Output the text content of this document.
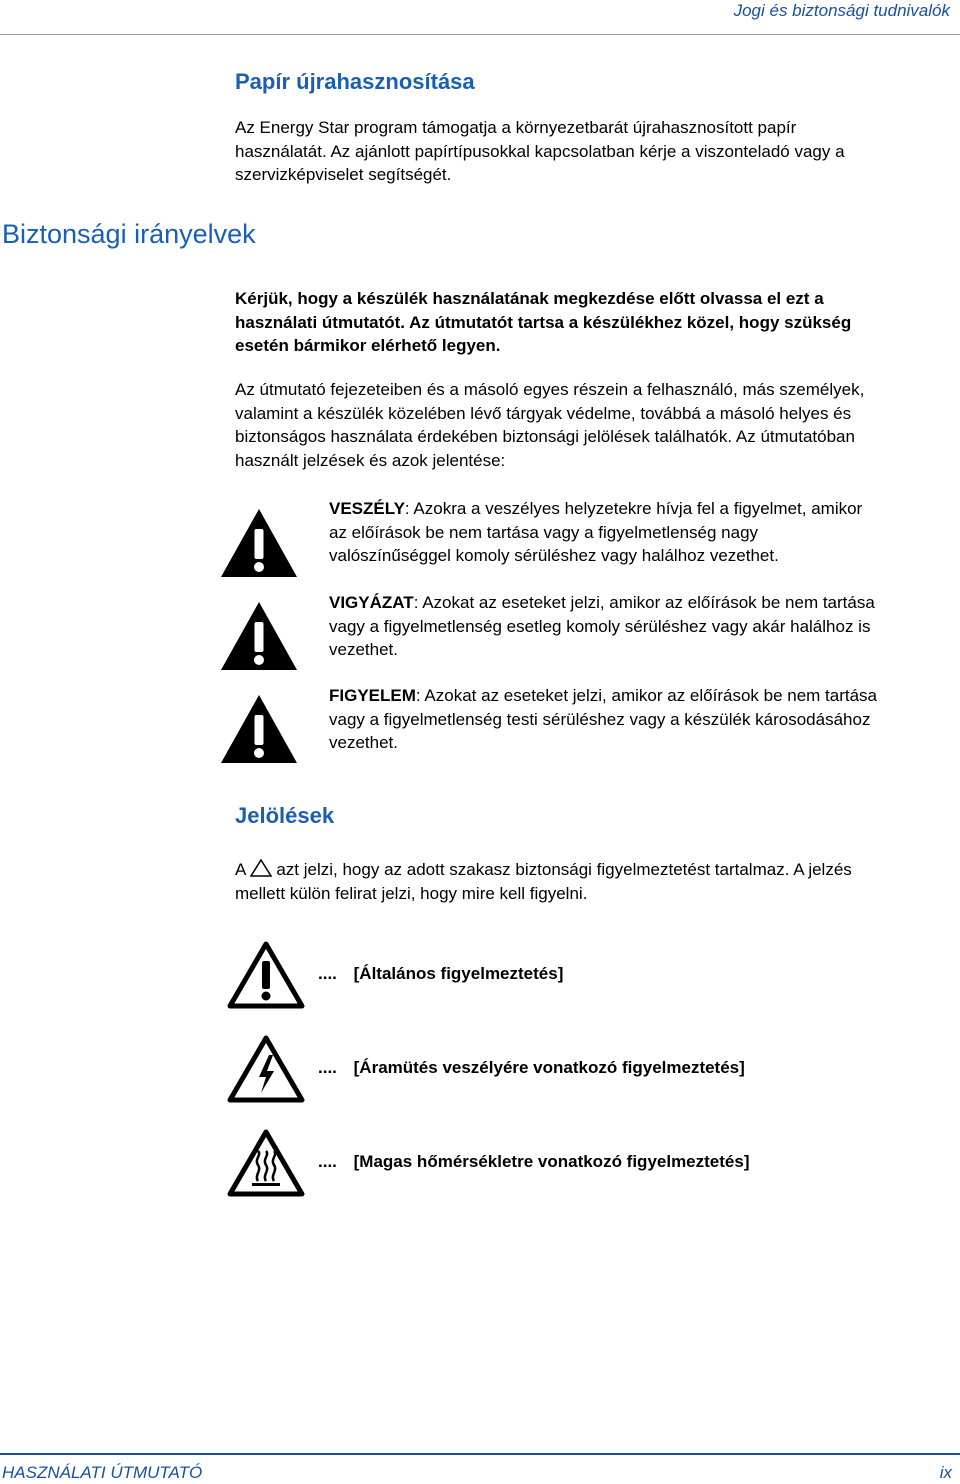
Jogi és biztonsági tudnivalók
Papír újrahasznosítása
Az Energy Star program támogatja a környezetbarát újrahasznosított papír
használatát. Az ajánlott papírtípusokkal kapcsolatban kérje a viszonteladó vagy a
szervizképviselet segítségét.
Biztonsági irányelvek
Kérjük, hogy a készülék használatának megkezdése előtt olvassa el ezt a
használati útmutatót. Az útmutatót tartsa a készülékhez közel, hogy szükség
esetén bármikor elérhető legyen.
Az útmutató fejezeteiben és a másoló egyes részein a felhasználó, más személyek,
valamint a készülék közelében lévő tárgyak védelme, továbbá a másoló helyes és
biztonságos használata érdekében biztonsági jelölések találhatók. Az útmutatóban
használt jelzések és azok jelentése:
VESZÉLY: Azokra a veszélyes helyzetekre hívja fel a figyelmet, amikor
az előírások be nem tartása vagy a figyelmetlenség nagy
valószínűséggel komoly sérüléshez vagy halálhoz vezethet.
VIGYÁZAT: Azokat az eseteket jelzi, amikor az előírások be nem tartása
vagy a figyelmetlenség esetleg komoly sérüléshez vagy akár halálhoz is
vezethet.
FIGYELEM: Azokat az eseteket jelzi, amikor az előírások be nem tartása
vagy a figyelmetlenség testi sérüléshez vagy a készülék károsodásához
vezethet.
Jelölések
A azt jelzi, hogy az adott szakasz biztonsági figyelmeztetést tartalmaz. A jelzés
mellett külön felirat jelzi, hogy mire kell figyelni.
.... [Általános figyelmeztetés]
.... [Áramütés veszélyére vonatkozó figyelmeztetés]
.... [Magas hőmérsékletre vonatkozó figyelmeztetés]
HASZNÁLATI ÚTMUTATÓ	ix
